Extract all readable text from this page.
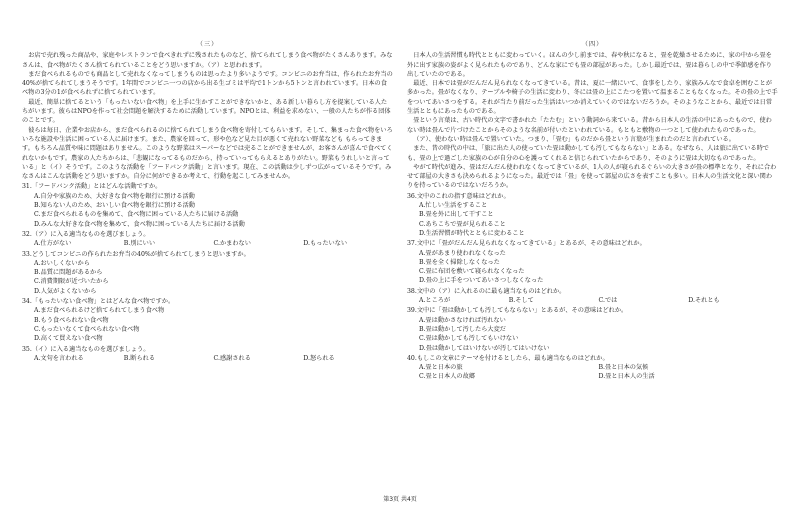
（三）

お店で売れ残った商品や、家庭やレストランで食べきれずに残されたものなど、捨てられてしまう食べ物がたくさんあります。みなさんは、食べ物がたくさん捨てられていることをどう思いますか。（ア）と思われます。

まだ食べられるものでも商品として売れなくなってしまうものは思ったより多いようです。コンビニのお弁当は、作られたお弁当の40%が捨てられてしまうそうです。1年間でコンビニ一つの店から出る生ゴミは平均で1トンから5トンと言われています。日本の食べ物の3分の1が食べられずに捨てられています。

最近、簡単に捨てるという「もったいない食べ物」を上手に生かすことができないかと、ある新しい暮らし方を提案している人たちがいます。彼らはNPOを作って社会問題を解決するために活動しています。NPOとは、利益を求めない、一般の人たちが作る団体のことです。

彼らは毎日、企業やお店から、まだ食べられるのに捨てられてしまう食べ物を寄付してもらいます。そして、集まった食べ物をいろいろな施設や生活に困っている人に届けます。また、農家を回って、形や色など見た目が悪くて売れない野菜なども もらってきます。もちろん品質や味に問題はありません。このような野菜はスーパーなどでは売ることができませんが、お客さんが喜んで食べてくれないかもです。農家の人たちからは、「悲観になってるものだから、持っていってもらえるとありがたい。野菜もうれしいと言っている」と（イ）そうです。このような活動を「フードバンク活動」と言います。現在、この活動は少しずつ広がっているそうです。みなさんはこんな活動をどう思いますか。自分に何ができるか考えて、行動を起こしてみませんか。

31.「フードバンク活動」とはどんな活動ですか。

A.自分や家族のため、大好きな食べ物を銀行に預ける活動
B.知らない人のため、おいしい食べ物を銀行に預ける活動
C.まだ食べられるものを集めて、食べ物に困っている人たちに届ける活動
D.みんな大好きな食べ物を集めて、食べ物に困っている人たちに届ける活動

32.（ア）に入る適当なものを選びましょう。

A.仕方がない	B.別にいい	C.かまわない	D.もったいない

33.どうしてコンビニの作られたお弁当の40%が捨てられてしまうと思いますか。

A.おいしくないから
B.品質に問題があるから
C.消費期限が近づいたから
D.人気がよくないから

34.「もったいない食べ物」とはどんな食べ物ですか。

A.まだ食べられるけど捨てられてしまう食べ物
B.もう食べられない食べ物
C.もったいなくて食べられない食べ物
D.高くて買えない食べ物

35.（イ）に入る適当なものを選びましょう。

A.文句を言われる	B.断られる	C.感謝される	D.怒られる
（四）

日本人の生活習慣も時代とともに変わっていく。ほんの少し前までは、春や秋になると、畳を乾燥させるために、家の中から畳を外に出す家族の姿がよく見られたものであり、どんな家にでも畳の部屋があった。しかし最近では、畳は暮らしの中で季節感を作り出していたのである。

最近、日本では畳がだんだん見られなくなってきている。昔は、夏に一緒にいて、食事をしたり、家族みんなで食卓を囲むことが多かった。畳がなくなり、テーブルや椅子の生活に変わり、冬には畳の上にこたつを置いて温まることもなくなった。その畳の上で手をついてあいさつをする。それが当たり前だった生活はいつか消えていくのではないだろうか。そのようなことから、最近では日常生活とともにあったものである。

畳という言葉は、古い時代の文字で書かれた「たたむ」という動詞から来ている。昔から日本人の生活の中にあったもので、使わない時は畳んで片づけたことからそのような名前が付いたといわれている。もともと敷物の一つとして使われたものであった。

（ア）、使わない時は畳んで置いていた。つまり、「畳む」ものだから畳という言葉が生まれたのだと言われている。

また、昔の時代の中は、「旅に出た人の使っていた畳は動かしても汚してもならない」とある。なぜなら、人は旅に出ている時でも、畳の上で過ごした家族の心が自分の心を護ってくれると信じられていたからであり、そのように畳は大切なものであった。

やがて時代が進み、畳はだんだん使われなくなってきているが、1人の人が寝られるぐらいの大きさが畳の標準となり、それに合わせて部屋の大きさも決められるようになった。最近では「畳」を使って部屋の広さを表すことも多い。日本人の生活文化と深い関わりを持っているのではないだろうか。

36.文中のこれの指す意味はどれか。

A.忙しい生活をすること
B.畳を外に出して干すこと
C.あちこちで畳が見られること
D.生活習慣が時代とともに変わること

37.文中に「畳がだんだん見られなくなってきている」とあるが、その意味はどれか。

A.畳があまり使われなくなった
B.畳を全く掃除しなくなった
C.畳に布団を敷いて寝られなくなった
D.畳の上に手をついてあいさつしなくなった

38.文中の（ア）に入れるのに最も適当なものはどれか。

A.ところが	B.そして	C.では	D.それとも

39.文中に「畳は動かしても汚してもならない」とあるが、その意味はどれか。

A.畳は動かさなければ汚れない
B.畳は動かして汚したら大変だ
C.畳は動かしても汚してもいけない
D.畳は動かしてはいけないが汚してはいけない

40.もしこの文章にテーマを付けるとしたら、最も適当なものはどれか。

A.畳と日本の旅	B.畳と日本の気候
C.畳と日本人の故郷	D.畳と日本人の生活
第3页 共4页
